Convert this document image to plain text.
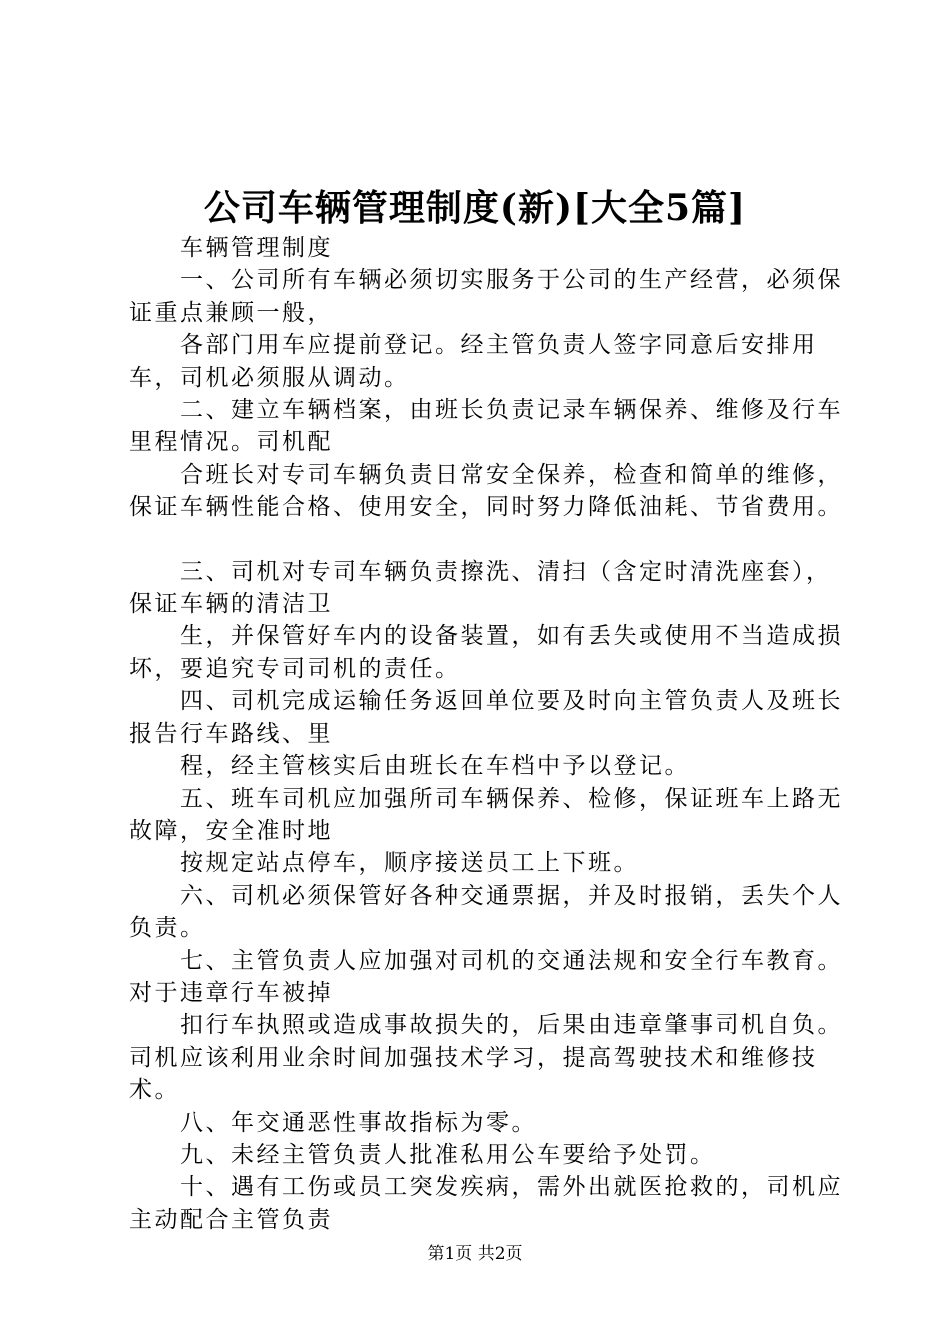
公司车辆管理制度(新)[大全5篇]

车辆管理制度

一、公司所有车辆必须切实服务于公司的生产经营，必须保证重点兼顾一般，

各部门用车应提前登记。经主管负责人签字同意后安排用车，司机必须服从调动。

二、建立车辆档案，由班长负责记录车辆保养、维修及行车里程情况。司机配

合班长对专司车辆负责日常安全保养，检查和简单的维修，保证车辆性能合格、使用安全，同时努力降低油耗、节省费用。

三、司机对专司车辆负责擦洗、清扫（含定时清洗座套），保证车辆的清洁卫

生，并保管好车内的设备装置，如有丢失或使用不当造成损坏，要追究专司司机的责任。

四、司机完成运输任务返回单位要及时向主管负责人及班长报告行车路线、里

程，经主管核实后由班长在车档中予以登记。

五、班车司机应加强所司车辆保养、检修，保证班车上路无故障，安全准时地

按规定站点停车，顺序接送员工上下班。

六、司机必须保管好各种交通票据，并及时报销，丢失个人负责。

七、主管负责人应加强对司机的交通法规和安全行车教育。对于违章行车被掉

扣行车执照或造成事故损失的，后果由违章肇事司机自负。司机应该利用业余时间加强技术学习，提高驾驶技术和维修技术。

八、年交通恶性事故指标为零。

九、未经主管负责人批准私用公车要给予处罚。

十、遇有工伤或员工突发疾病，需外出就医抢救的，司机应主动配合主管负责

第1页 共2页
